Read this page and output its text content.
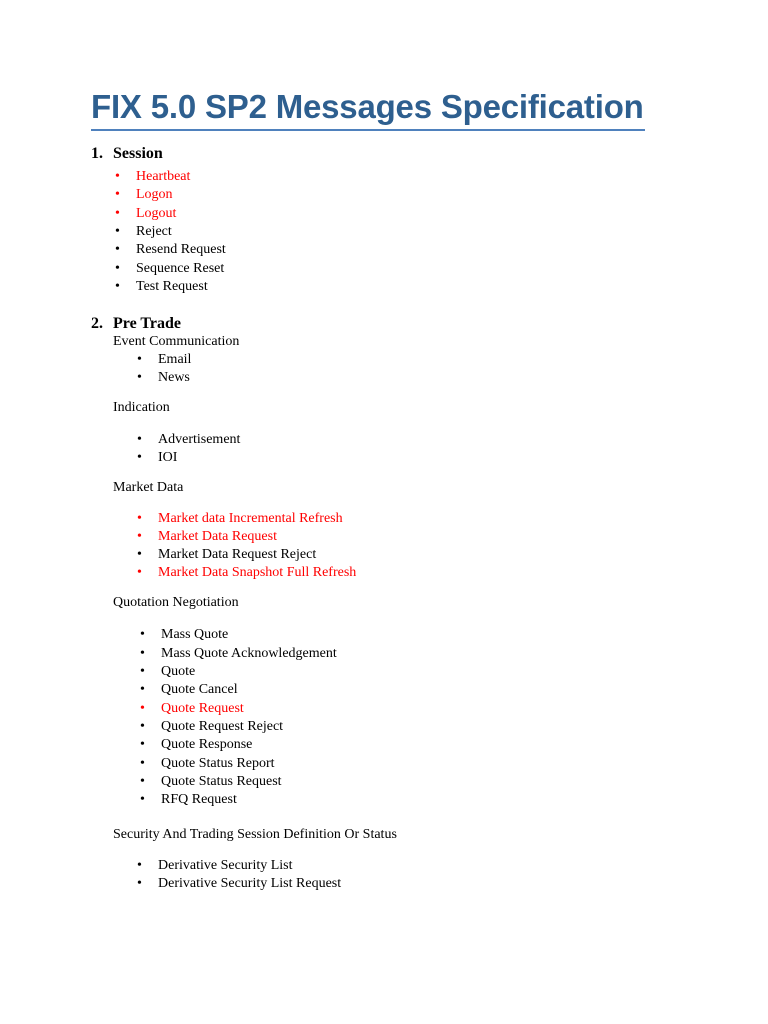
FIX 5.0 SP2 Messages Specification
1. Session
• Heartbeat
• Logon
• Logout
• Reject
• Resend Request
• Sequence Reset
• Test Request
2. Pre Trade
Event Communication
• Email
• News
Indication
• Advertisement
• IOI
Market Data
• Market data Incremental Refresh
• Market Data Request
• Market Data Request Reject
• Market Data Snapshot Full Refresh
Quotation Negotiation
• Mass Quote
• Mass Quote Acknowledgement
• Quote
• Quote Cancel
• Quote Request
• Quote Request Reject
• Quote Response
• Quote Status Report
• Quote Status Request
• RFQ Request
Security And Trading Session Definition Or Status
• Derivative Security List
• Derivative Security List Request
